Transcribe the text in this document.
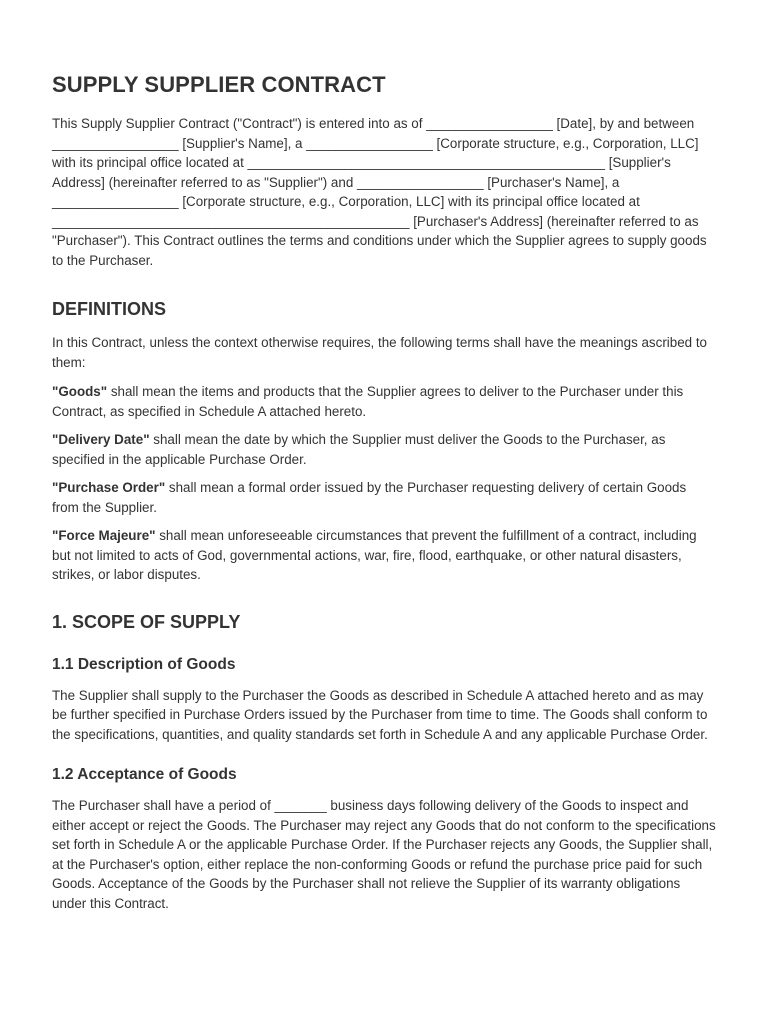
SUPPLY SUPPLIER CONTRACT

This Supply Supplier Contract ("Contract") is entered into as of _________________ [Date], by and between _________________ [Supplier's Name], a _________________ [Corporate structure, e.g., Corporation, LLC] with its principal office located at ________________________________________________ [Supplier's Address] (hereinafter referred to as "Supplier") and _________________ [Purchaser's Name], a _________________ [Corporate structure, e.g., Corporation, LLC] with its principal office located at ________________________________________________ [Purchaser's Address] (hereinafter referred to as "Purchaser"). This Contract outlines the terms and conditions under which the Supplier agrees to supply goods to the Purchaser.

DEFINITIONS

In this Contract, unless the context otherwise requires, the following terms shall have the meanings ascribed to them:

"Goods" shall mean the items and products that the Supplier agrees to deliver to the Purchaser under this Contract, as specified in Schedule A attached hereto.

"Delivery Date" shall mean the date by which the Supplier must deliver the Goods to the Purchaser, as specified in the applicable Purchase Order.

"Purchase Order" shall mean a formal order issued by the Purchaser requesting delivery of certain Goods from the Supplier.

"Force Majeure" shall mean unforeseeable circumstances that prevent the fulfillment of a contract, including but not limited to acts of God, governmental actions, war, fire, flood, earthquake, or other natural disasters, strikes, or labor disputes.

1. SCOPE OF SUPPLY
1.1 Description of Goods

The Supplier shall supply to the Purchaser the Goods as described in Schedule A attached hereto and as may be further specified in Purchase Orders issued by the Purchaser from time to time. The Goods shall conform to the specifications, quantities, and quality standards set forth in Schedule A and any applicable Purchase Order.

1.2 Acceptance of Goods

The Purchaser shall have a period of _______ business days following delivery of the Goods to inspect and either accept or reject the Goods. The Purchaser may reject any Goods that do not conform to the specifications set forth in Schedule A or the applicable Purchase Order. If the Purchaser rejects any Goods, the Supplier shall, at the Purchaser's option, either replace the non-conforming Goods or refund the purchase price paid for such Goods. Acceptance of the Goods by the Purchaser shall not relieve the Supplier of its warranty obligations under this Contract.
